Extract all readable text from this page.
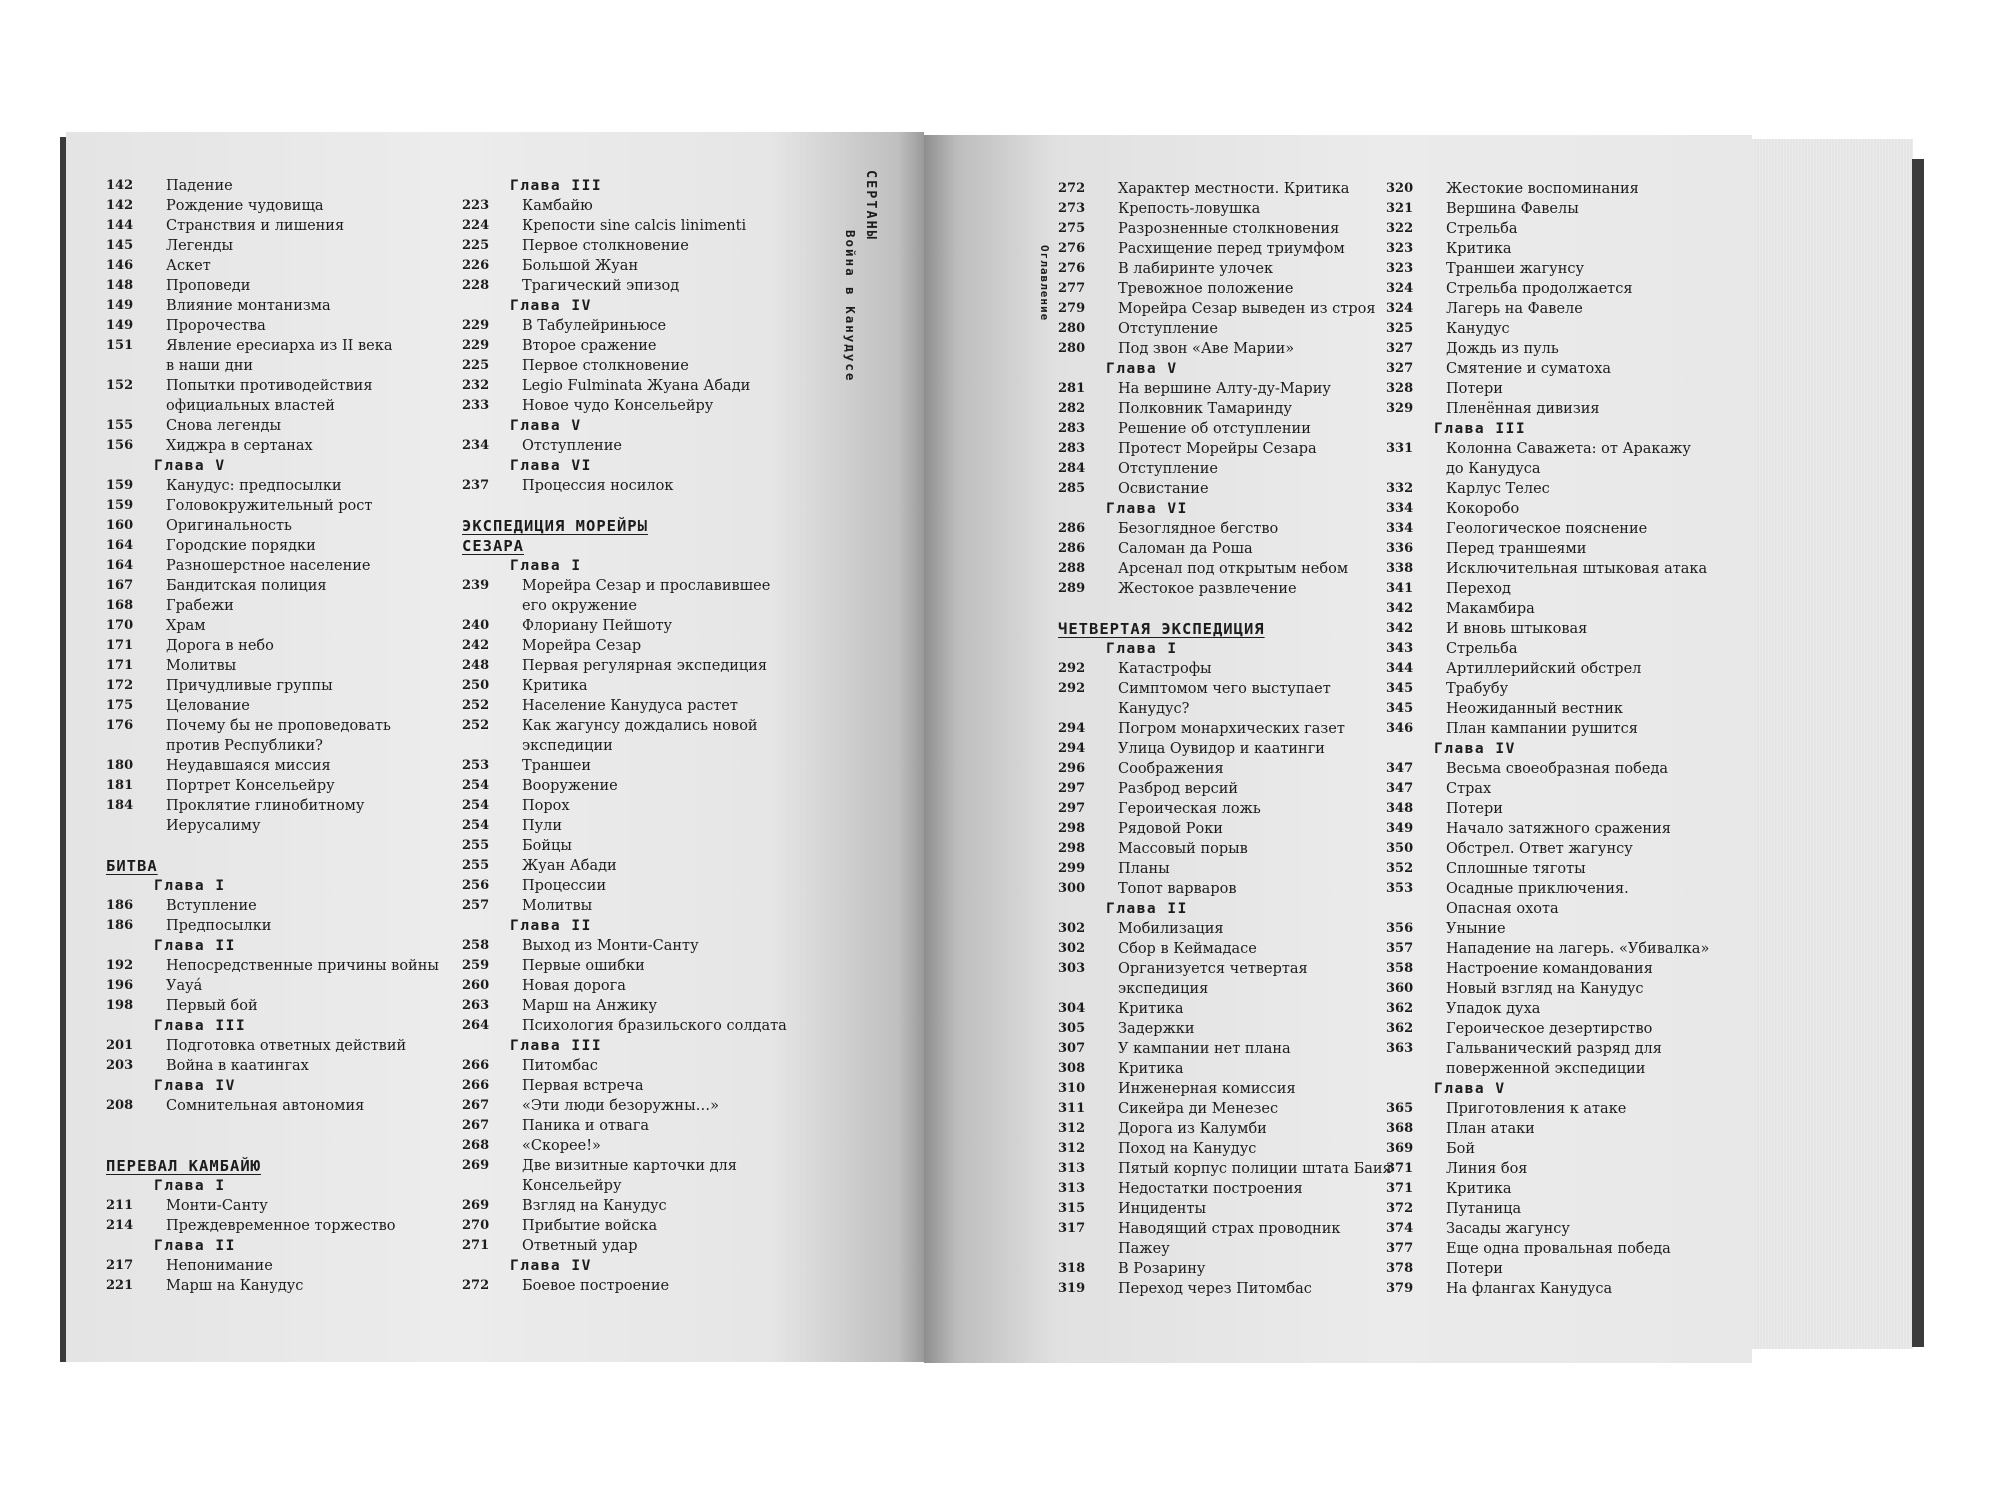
142	Падение
142	Рождение чудовища
144	Странствия и лишения
145	Легенды
146	Аскет
148	Проповеди
149	Влияние монтанизма
149	Пророчества
151	Явление ересиарха из II века
в наши дни
152	Попытки противодействия
официальных властей
155	Снова легенды
156	Хиджра в сертанах
Глава V
159	Канудус: предпосылки
159	Головокружительный рост
160	Оригинальность
164	Городские порядки
164	Разношерстное население
167	Бандитская полиция
168	Грабежи
170	Храм
171	Дорога в небо
171	Молитвы
172	Причудливые группы
175	Целование
176	Почему бы не проповедовать
против Республики?
180	Неудавшаяся миссия
181	Портрет Консельейру
184	Проклятие глинобитному
Иерусалиму
БИТВА
Глава I
186	Вступление
186	Предпосылки
Глава II
192	Непосредственные причины войны
196	Уауá
198	Первый бой
Глава III
201	Подготовка ответных действий
203	Война в каатингах
Глава IV
208	Сомнительная автономия
ПЕРЕВАЛ КАМБАЙЮ
Глава I
211	Монти-Санту
214	Преждевременное торжество
Глава II
217	Непонимание
221	Марш на Канудус
Глава III
223	Камбайю
224	Крепости sine calcis linimenti
225	Первое столкновение
226	Большой Жуан
228	Трагический эпизод
Глава IV
229	В Табулейриньюсе
229	Второе сражение
225	Первое столкновение
232	Legio Fulminata Жуана Абади
233	Новое чудо Консельейру
Глава V
234	Отступление
Глава VI
237	Процессия носилок
ЭКСПЕДИЦИЯ МОРЕЙРЫ
СЕЗАРА
Глава I
239	Морейра Сезар и прославившее
его окружение
240	Флориану Пейшоту
242	Морейра Сезар
248	Первая регулярная экспедиция
250	Критика
252	Население Канудуса растет
252	Как жагунсу дождались новой
экспедиции
253	Траншеи
254	Вооружение
254	Порох
254	Пули
255	Бойцы
255	Жуан Абади
256	Процессии
257	Молитвы
Глава II
258	Выход из Монти-Санту
259	Первые ошибки
260	Новая дорога
263	Марш на Анжику
264	Психология бразильского солдата
Глава III
266	Питомбас
266	Первая встреча
267	«Эти люди безоружны…»
267	Паника и отвага
268	«Скорее!»
269	Две визитные карточки для
Консельейру
269	Взгляд на Канудус
270	Прибытие войска
271	Ответный удар
Глава IV
272	Боевое построение
СЕРТАНЫ
Война в Канудусе	Оглавление
272	Характер местности. Критика
273	Крепость-ловушка
275	Разрозненные столкновения
276	Расхищение перед триумфом
276	В лабиринте улочек
277	Тревожное положение
279	Морейра Сезар выведен из строя
280	Отступление
280	Под звон «Аве Марии»
Глава V
281	На вершине Алту-ду-Мариу
282	Полковник Тамаринду
283	Решение об отступлении
283	Протест Морейры Сезара
284	Отступление
285	Освистание
Глава VI
286	Безоглядное бегство
286	Саломан да Роша
288	Арсенал под открытым небом
289	Жестокое развлечение
ЧЕТВЕРТАЯ ЭКСПЕДИЦИЯ
Глава I
292	Катастрофы
292	Симптомом чего выступает
Канудус?
294	Погром монархических газет
294	Улица Оувидор и каатинги
296	Соображения
297	Разброд версий
297	Героическая ложь
298	Рядовой Роки
298	Массовый порыв
299	Планы
300	Топот варваров
Глава II
302	Мобилизация
302	Сбор в Кеймадасе
303	Организуется четвертая
экспедиция
304	Критика
305	Задержки
307	У кампании нет плана
308	Критика
310	Инженерная комиссия
311	Сикейра ди Менезес
312	Дорога из Калумби
312	Поход на Канудус
313	Пятый корпус полиции штата Баия
313	Недостатки построения
315	Инциденты
317	Наводящий страх проводник
Пажеу
318	В Розарину
319	Переход через Питомбас
320	Жестокие воспоминания
321	Вершина Фавелы
322	Стрельба
323	Критика
323	Траншеи жагунсу
324	Стрельба продолжается
324	Лагерь на Фавеле
325	Канудус
327	Дождь из пуль
327	Смятение и суматоха
328	Потери
329	Пленённая дивизия
Глава III
331	Колонна Саважета: от Аракажу
до Канудуса
332	Карлус Телес
334	Кокоробо
334	Геологическое пояснение
336	Перед траншеями
338	Исключительная штыковая атака
341	Переход
342	Макамбира
342	И вновь штыковая
343	Стрельба
344	Артиллерийский обстрел
345	Трабубу
345	Неожиданный вестник
346	План кампании рушится
Глава IV
347	Весьма своеобразная победа
347	Страх
348	Потери
349	Начало затяжного сражения
350	Обстрел. Ответ жагунсу
352	Сплошные тяготы
353	Осадные приключения.
Опасная охота
356	Уныние
357	Нападение на лагерь. «Убивалка»
358	Настроение командования
360	Новый взгляд на Канудус
362	Упадок духа
362	Героическое дезертирство
363	Гальванический разряд для
поверженной экспедиции
Глава V
365	Приготовления к атаке
368	План атаки
369	Бой
371	Линия боя
371	Критика
372	Путаница
374	Засады жагунсу
377	Еще одна провальная победа
378	Потери
379	На флангах Канудуса
